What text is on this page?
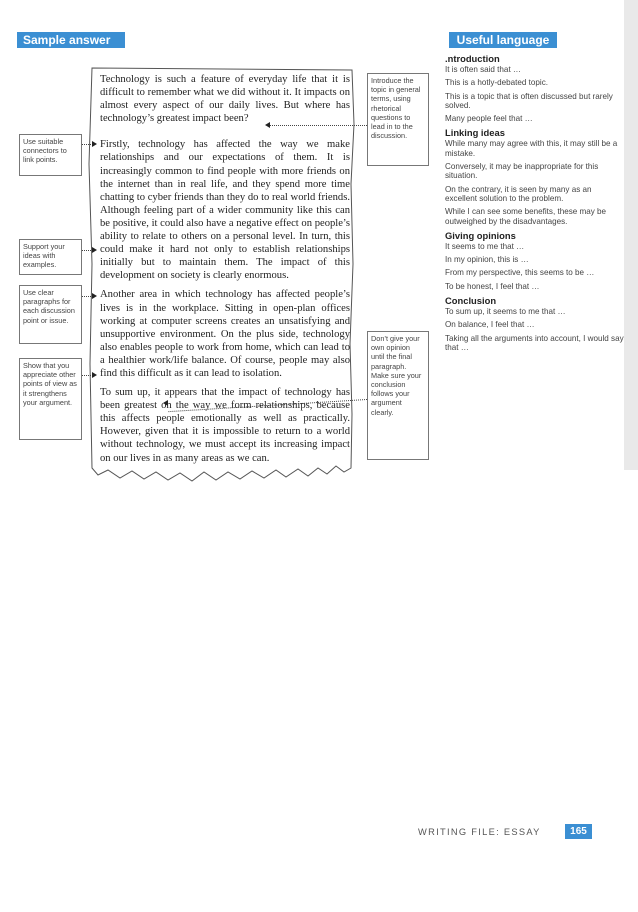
Sample answer	Useful language

Technology is such a feature of everyday life that it is difficult to remember what we did without it. It impacts on almost every aspect of our daily lives. But where has technology’s greatest impact been?

Firstly, technology has affected the way we make relationships and our expectations of them. It is increasingly common to find people with more friends on the internet than in real life, and they spend more time chatting to cyber friends than they do to real world friends. Although feeling part of a wider community like this can be positive, it could also have a negative effect on people’s ability to relate to others on a personal level. In turn, this could make it hard not only to establish relationships initially but to maintain them. The impact of this development on society is clearly enormous.

Another area in which technology has affected people’s lives is in the workplace. Sitting in open-plan offices working at computer screens creates an unsatisfying and unsupportive environment. On the plus side, technology also enables people to work from home, which can lead to a healthier work/life balance. Of course, people may also find this difficult as it can lead to isolation.

To sum up, it appears that the impact of technology has been greatest on the way we form relationships, because this affects people emotionally as well as practically. However, given that it is impossible to return to a world without technology, we must accept its increasing impact on our lives in as many areas as we can.

Use suitable connectors to link points.
Support your ideas with examples.
Use clear paragraphs for each discussion point or issue.
Show that you appreciate other points of view as it strengthens your argument.
Introduce the topic in general terms, using rhetorical questions to lead in to the discussion.
Don’t give your own opinion until the final paragraph. Make sure your conclusion follows your argument clearly.
.ntroduction
It is often said that …
This is a hotly-debated topic.
This is a topic that is often discussed but rarely solved.
Many people feel that …
Linking ideas
While many may agree with this, it may still be a mistake.
Conversely, it may be inappropriate for this situation.
On the contrary, it is seen by many as an excellent solution to the problem.
While I can see some benefits, these may be outweighed by the disadvantages.
Giving opinions
It seems to me that …
In my opinion, this is …
From my perspective, this seems to be …
To be honest, I feel that …
Conclusion
To sum up, it seems to me that …
On balance, I feel that …
Taking all the arguments into account, I would say that …
WRITING FILE: ESSAY	165
